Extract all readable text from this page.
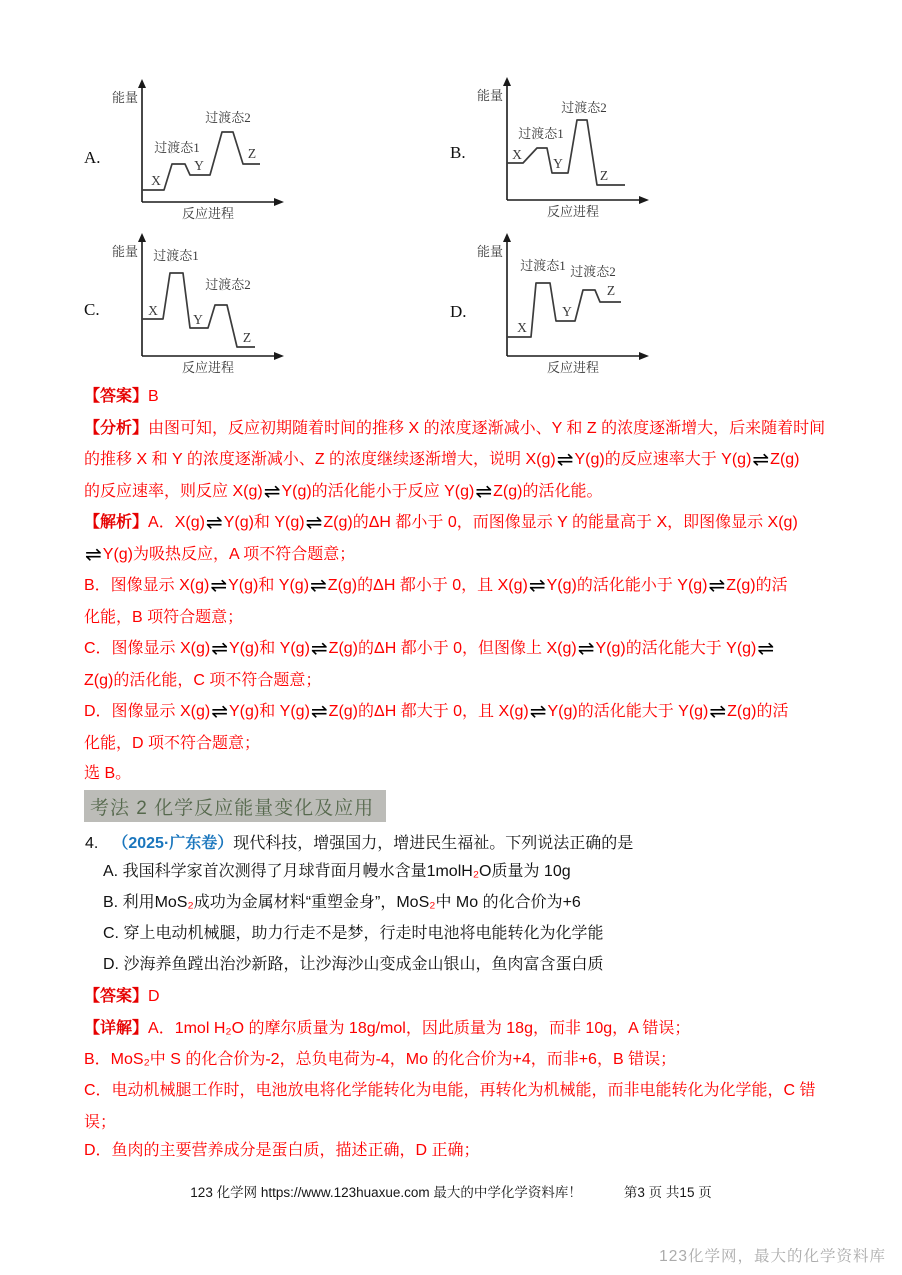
A.
能量
反应进程
X
过渡态1
Y
过渡态2
Z	B.
能量
反应进程
X
过渡态1
Y
过渡态2
Z
C.
能量
反应进程
X
过渡态1
Y
过渡态2
Z
D.
能量
反应进程
X
过渡态1
Y
过渡态2
Z
【答案】B
【分析】由图可知，反应初期随着时间的推移 X 的浓度逐渐减小、Y 和 Z 的浓度逐渐增大，后来随着时间
的推移 X 和 Y 的浓度逐渐减小、Z 的浓度继续逐渐增大，说明 X(g)⇌Y(g)的反应速率大于 Y(g)⇌Z(g)
的反应速率，则反应 X(g)⇌Y(g)的活化能小于反应 Y(g)⇌Z(g)的活化能。
【解析】A．X(g)⇌Y(g)和 Y(g)⇌Z(g)的ΔH 都小于 0，而图像显示 Y 的能量高于 X，即图像显示 X(g)
⇌Y(g)为吸热反应，A 项不符合题意；
B．图像显示 X(g)⇌Y(g)和 Y(g)⇌Z(g)的ΔH 都小于 0，且 X(g)⇌Y(g)的活化能小于 Y(g)⇌Z(g)的活
化能，B 项符合题意；
C．图像显示 X(g)⇌Y(g)和 Y(g)⇌Z(g)的ΔH 都小于 0，但图像上 X(g)⇌Y(g)的活化能大于 Y(g)⇌
Z(g)的活化能，C 项不符合题意；
D．图像显示 X(g)⇌Y(g)和 Y(g)⇌Z(g)的ΔH 都大于 0，且 X(g)⇌Y(g)的活化能大于 Y(g)⇌Z(g)的活
化能，D 项不符合题意；
选 B。
考法 2 化学反应能量变化及应用
4. （2025·广东卷）现代科技，增强国力，增进民生福祉。下列说法正确的是
A. 我国科学家首次测得了月球背面月幔水含量1molH₂O质量为 10g
B. 利用MoS₂成功为金属材料“重塑金身”，MoS₂中 Mo 的化合价为+6
C. 穿上电动机械腿，助力行走不是梦，行走时电池将电能转化为化学能
D. 沙海养鱼蹚出治沙新路，让沙海沙山变成金山银山，鱼肉富含蛋白质
【答案】D
【详解】A．1mol H₂O 的摩尔质量为 18g/mol，因此质量为 18g，而非 10g，A 错误；
B．MoS₂中 S 的化合价为-2，总负电荷为-4，Mo 的化合价为+4，而非+6，B 错误；
C．电动机械腿工作时，电池放电将化学能转化为电能，再转化为机械能，而非电能转化为化学能，C 错
误；
D．鱼肉的主要营养成分是蛋白质，描述正确，D 正确；
123 化学网 https://www.123huaxue.com 最大的中学化学资料库！	第3 页 共15 页
123化学网，最大的化学资料库
